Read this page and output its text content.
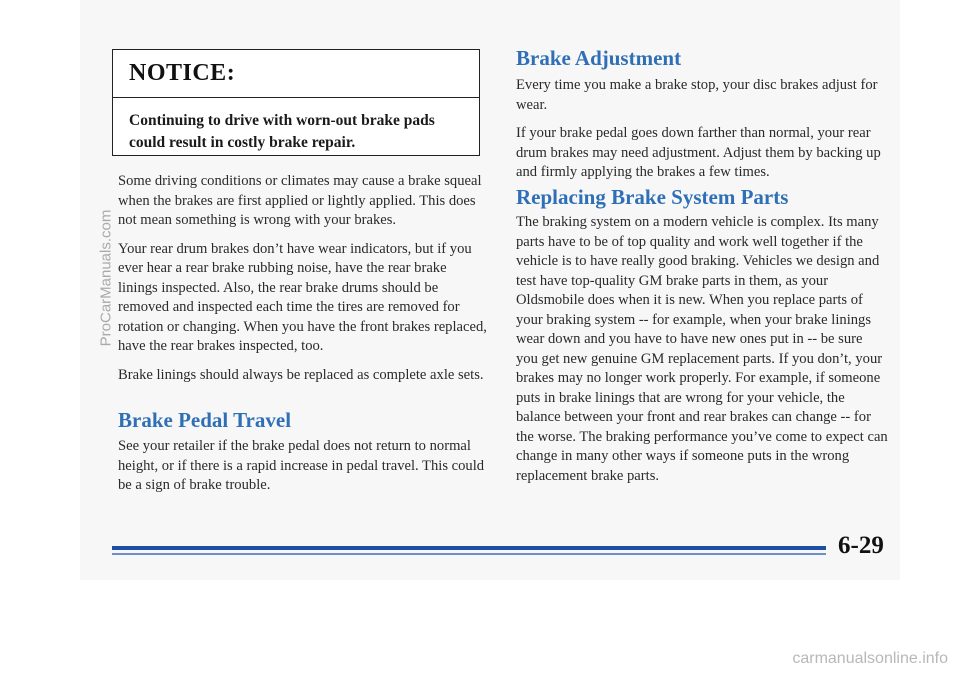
NOTICE:
Continuing to drive with worn-out brake pads could result in costly brake repair.

Some driving conditions or climates may cause a brake squeal when the brakes are first applied or lightly applied. This does not mean something is wrong with your brakes.

Your rear drum brakes don’t have wear indicators, but if you ever hear a rear brake rubbing noise, have the rear brake linings inspected. Also, the rear brake drums should be removed and inspected each time the tires are removed for rotation or changing. When you have the front brakes replaced, have the rear brakes inspected, too.

Brake linings should always be replaced as complete axle sets.

Brake Pedal Travel

See your retailer if the brake pedal does not return to normal height, or if there is a rapid increase in pedal travel. This could be a sign of brake trouble.

Brake Adjustment

Every time you make a brake stop, your disc brakes adjust for wear.

If your brake pedal goes down farther than normal, your rear drum brakes may need adjustment. Adjust them by backing up and firmly applying the brakes a few times.

Replacing Brake System Parts

The braking system on a modern vehicle is complex. Its many parts have to be of top quality and work well together if the vehicle is to have really good braking. Vehicles we design and test have top-quality GM brake parts in them, as your Oldsmobile does when it is new. When you replace parts of your braking system -- for example, when your brake linings wear down and you have to have new ones put in -- be sure you get new genuine GM replacement parts. If you don’t, your brakes may no longer work properly. For example, if someone puts in brake linings that are wrong for your vehicle, the balance between your front and rear brakes can change -- for the worse. The braking performance you’ve come to expect can change in many other ways if someone puts in the wrong replacement brake parts.

6-29
ProCarManuals.com
carmanualsonline.info
